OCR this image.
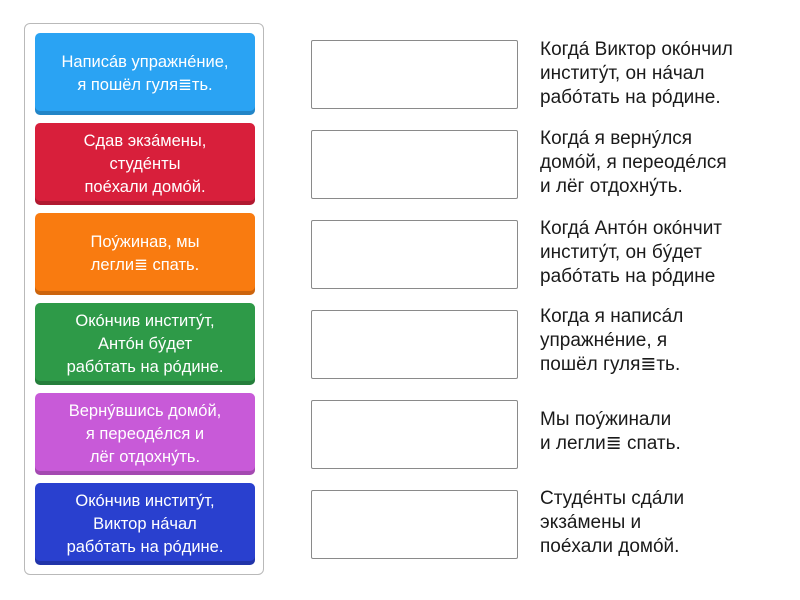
Написáв упражнéние,
я пошёл гуля≣ть.
Сдав экзáмены,
студéнты
поéхали домóй.
Поýжинав, мы
легли≣ спать.
Окóнчив институ́т,
Антóн бýдет
рабóтать на рóдине.
Вернýвшись домóй,
я переодéлся и
лёг отдохну́ть.
Окóнчив институ́т,
Виктор нáчал
рабóтать на рóдине.
Когдá Виктор окóнчил
институ́т, он нáчал
рабóтать на рóдине.
Когдá я вернýлся
домóй, я переодéлся
и лёг отдохну́ть.
Когдá Антóн окóнчит
институ́т, он бýдет
рабóтать на рóдине
Когда я написáл
упражнéние, я
пошёл гуля≣ть.
Мы поýжинали
и легли≣ спать.
Студéнты сдáли
экзáмены и
поéхали домóй.
